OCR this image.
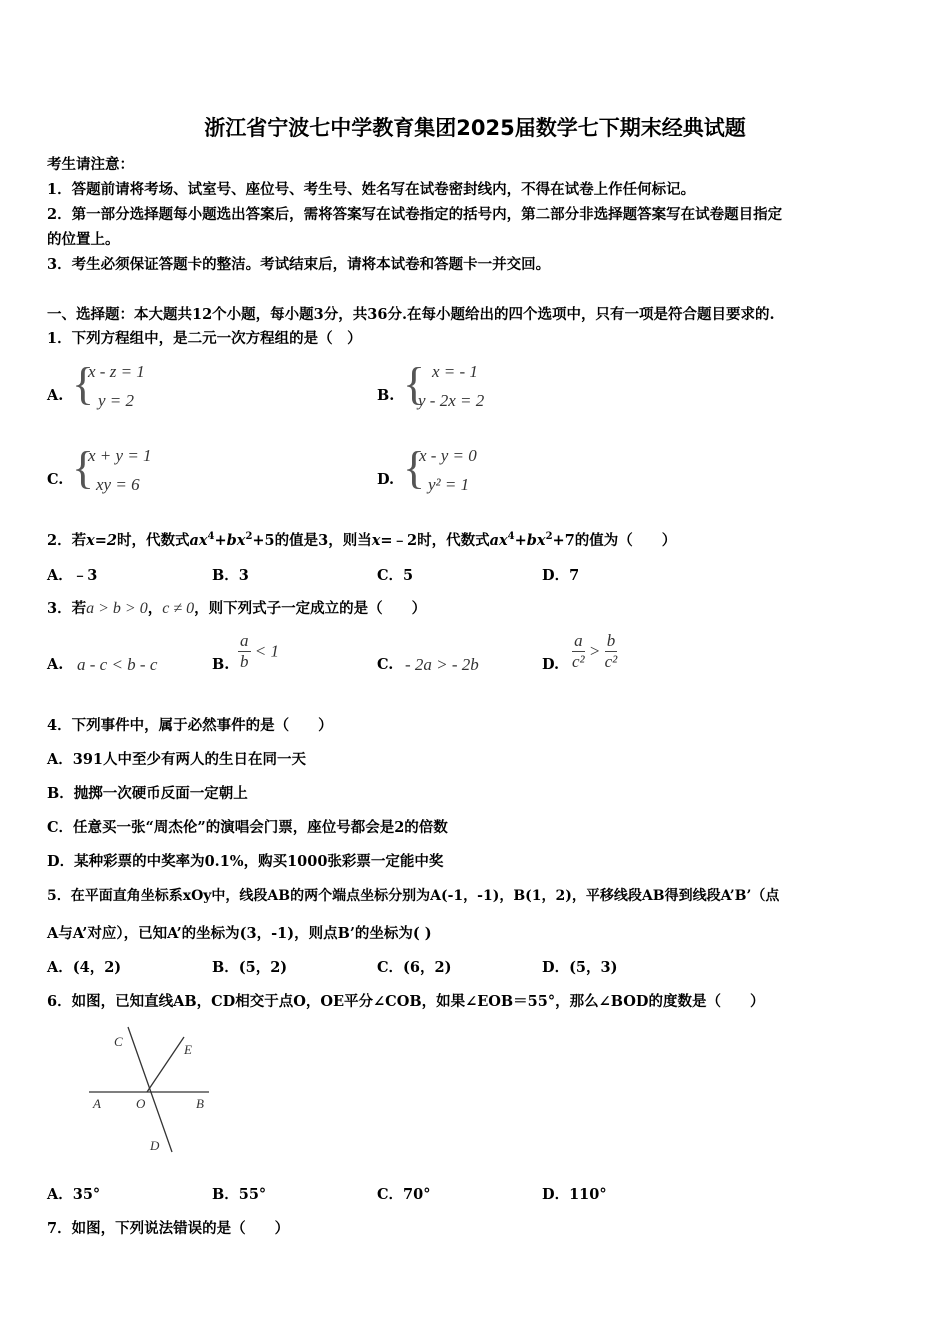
浙江省宁波七中学教育集团2025届数学七下期末经典试题
考生请注意：
1．答题前请将考场、试室号、座位号、考生号、姓名写在试卷密封线内，不得在试卷上作任何标记。
2．第一部分选择题每小题选出答案后，需将答案写在试卷指定的括号内，第二部分非选择题答案写在试卷题目指定
的位置上。
3．考生必须保证答题卡的整洁。考试结束后，请将本试卷和答题卡一并交回。
一、选择题：本大题共12个小题，每小题3分，共36分.在每小题给出的四个选项中，只有一项是符合题目要求的.
1．下列方程组中，是二元一次方程组的是（　）
A. {
x - z = 1
y = 2	B. { x = - 1
y - 2x = 2
C. {
x + y = 1
xy = 6	D. {
x - y = 0
y² = 1
2．若x=2时，代数式$ax^4+bx^2+5$的值是3，则当x=﹣2时，代数式$ax^4+bx^2+7$的值为（　　）
A．﹣3	B．3	C．5	D．7
3．若a > b > 0，c ≠ 0，则下列式子一定成立的是（　　）
A. a - c < b - c	B. $\frac{a}{b} < 1$
C. - 2a > - 2b	D. $\frac{a}{\text{c²}} > \frac{b}{\text{c²}}$
4．下列事件中，属于必然事件的是（　　）
A．391人中至少有两人的生日在同一天
B．抛掷一次硬币反面一定朝上
C．任意买一张“周杰伦”的演唱会门票，座位号都会是2的倍数
D．某种彩票的中奖率为0.1%，购买1000张彩票一定能中奖
5．在平面直角坐标系xOy中，线段AB的两个端点坐标分别为A(-1，-1)，B(1，2)，平移线段AB得到线段A’B’（点
A与A’对应），已知A’的坐标为(3，-1)，则点B’的坐标为( )
A．(4，2)	B．(5，2)	C．(6，2)	D．(5，3)
6．如图，已知直线AB，CD相交于点O，OE平分∠COB，如果∠EOB＝55°，那么∠BOD的度数是（　　）
C
E
A	O	B
D
A．35°	B．55°	C．70°	D．110°
7．如图，下列说法错误的是（　　）
